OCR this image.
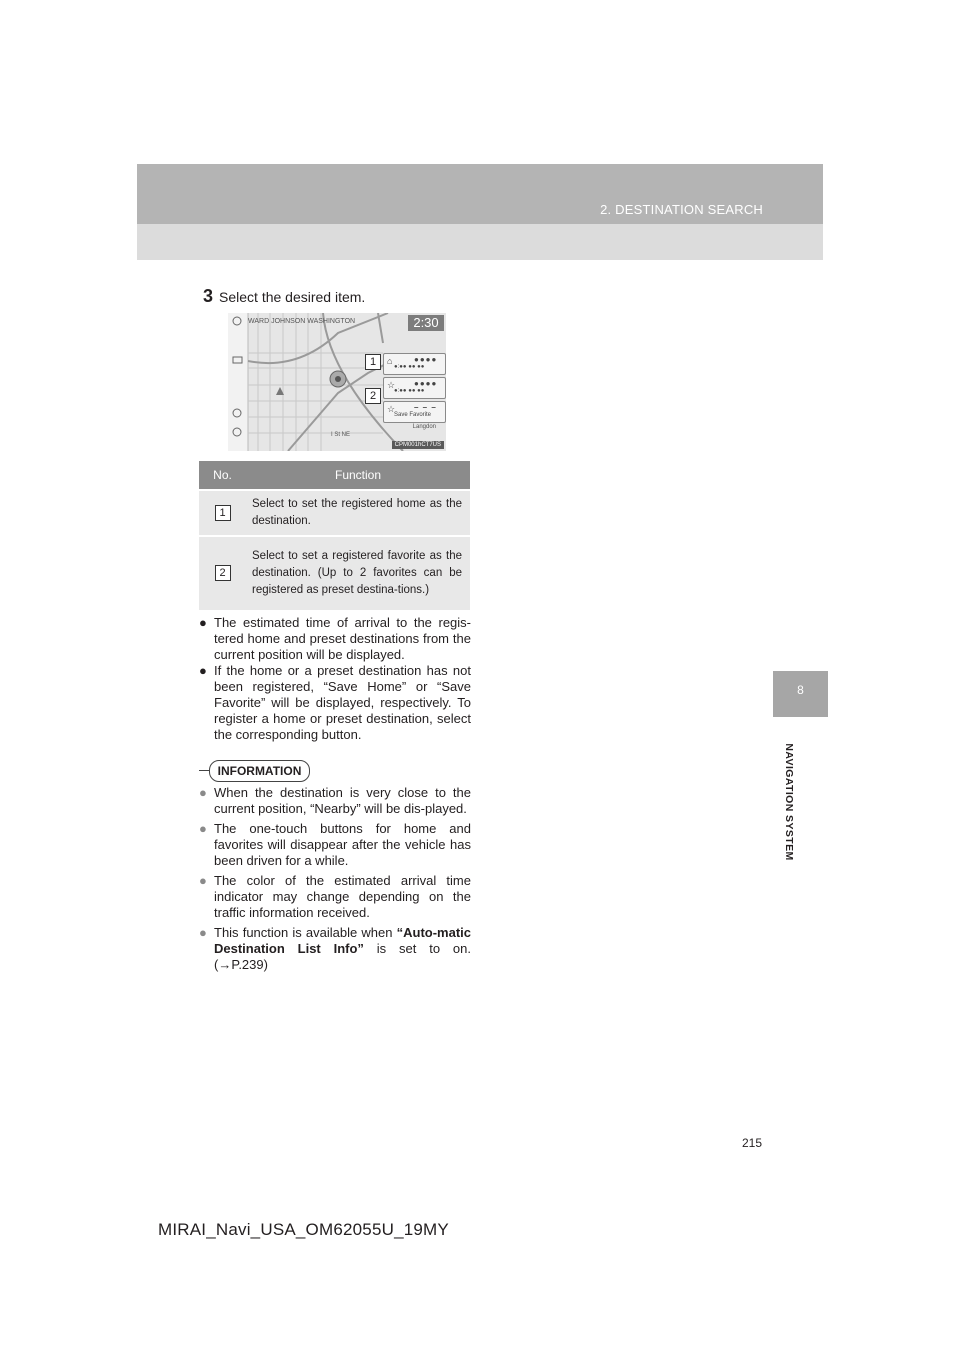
2. DESTINATION SEARCH
8
NAVIGATION SYSTEM
3 Select the desired item.
WARD JOHNSON WASHINGTON
I St NE
Langdon
2:30
⌂	●●●●
●:●● ●● ●●
☆ ●●●●
●:●● ●● ●●
☆ – – –
Save Favorite
1
2
CPM001hCT7US
No.	Function
1	Select to set the registered home as the destination.
2	Select to set a registered favorite as the destination. (Up to 2 favorites can be registered as preset destina-tions.)
● The estimated time of arrival to the regis-tered home and preset destinations from the current position will be displayed.
● If the home or a preset destination has not been registered, “Save Home” or “Save Favorite” will be displayed, respectively. To register a home or preset destination, select the corresponding button.
INFORMATION
● When the destination is very close to the current position, “Nearby” will be dis-played.
● The one-touch buttons for home and favorites will disappear after the vehicle has been driven for a while.
● The color of the estimated arrival time indicator may change depending on the traffic information received.
● This function is available when “Auto-matic Destination List Info” is set to on. (→P.239)
215
MIRAI_Navi_USA_OM62055U_19MY
